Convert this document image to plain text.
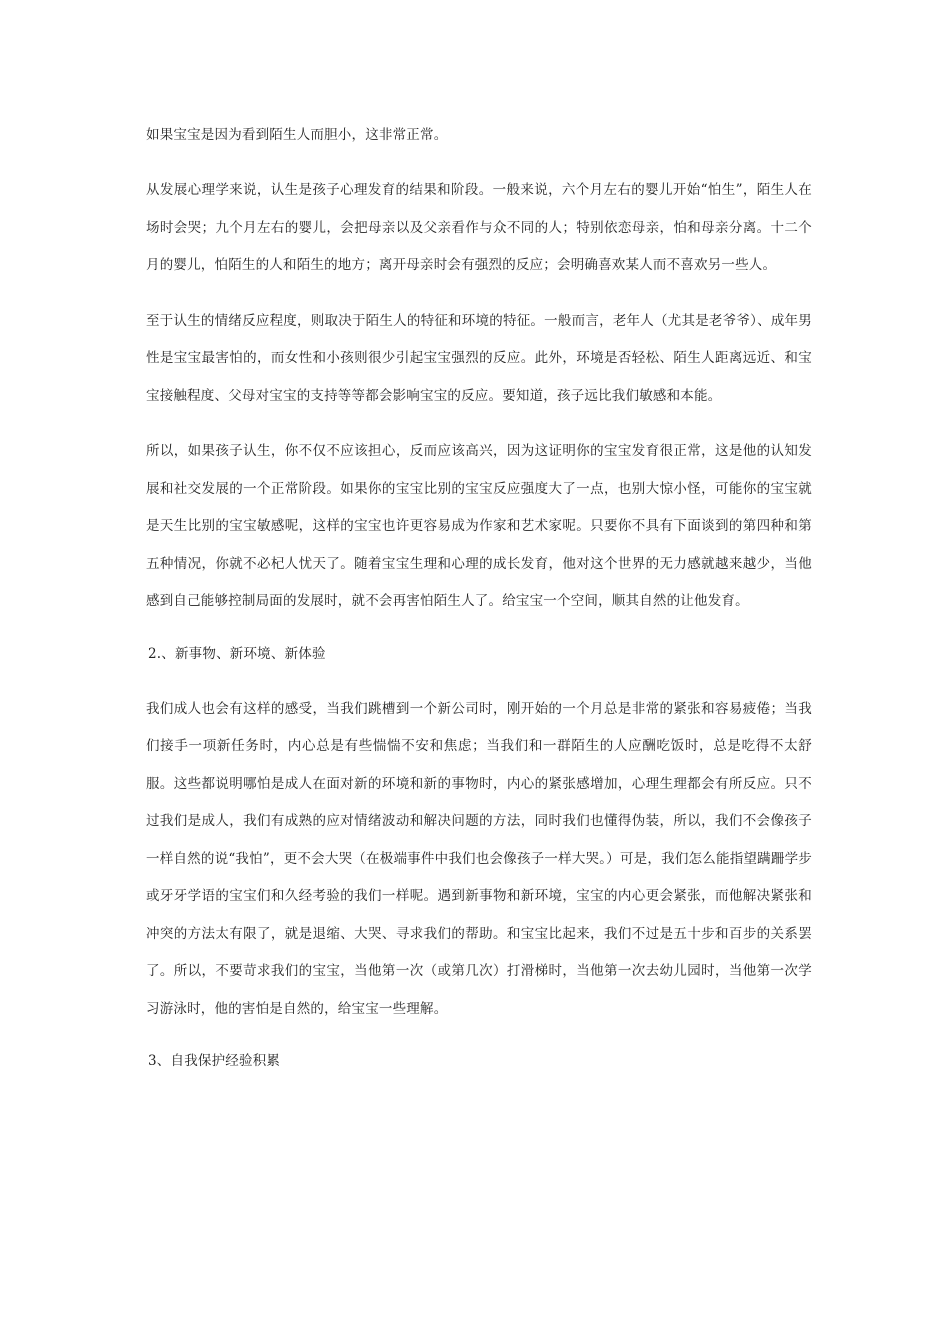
如果宝宝是因为看到陌生人而胆小，这非常正常。

从发展心理学来说，认生是孩子心理发育的结果和阶段。一般来说，六个月左右的婴儿开始“怕生”，陌生人在场时会哭；九个月左右的婴儿，会把母亲以及父亲看作与众不同的人；特别依恋母亲，怕和母亲分离。十二个月的婴儿，怕陌生的人和陌生的地方；离开母亲时会有强烈的反应；会明确喜欢某人而不喜欢另一些人。

至于认生的情绪反应程度，则取决于陌生人的特征和环境的特征。一般而言，老年人（尤其是老爷爷）、成年男性是宝宝最害怕的，而女性和小孩则很少引起宝宝强烈的反应。此外，环境是否轻松、陌生人距离远近、和宝宝接触程度、父母对宝宝的支持等等都会影响宝宝的反应。要知道，孩子远比我们敏感和本能。

所以，如果孩子认生，你不仅不应该担心，反而应该高兴，因为这证明你的宝宝发育很正常，这是他的认知发展和社交发展的一个正常阶段。如果你的宝宝比别的宝宝反应强度大了一点，也别大惊小怪，可能你的宝宝就是天生比别的宝宝敏感呢，这样的宝宝也许更容易成为作家和艺术家呢。只要你不具有下面谈到的第四种和第五种情况，你就不必杞人忧天了。随着宝宝生理和心理的成长发育，他对这个世界的无力感就越来越少，当他感到自己能够控制局面的发展时，就不会再害怕陌生人了。给宝宝一个空间，顺其自然的让他发育。

2.、新事物、新环境、新体验

我们成人也会有这样的感受，当我们跳槽到一个新公司时，刚开始的一个月总是非常的紧张和容易疲倦；当我们接手一项新任务时，内心总是有些惴惴不安和焦虑；当我们和一群陌生的人应酬吃饭时，总是吃得不太舒服。这些都说明哪怕是成人在面对新的环境和新的事物时，内心的紧张感增加，心理生理都会有所反应。只不过我们是成人，我们有成熟的应对情绪波动和解决问题的方法，同时我们也懂得伪装，所以，我们不会像孩子一样自然的说“我怕”，更不会大哭（在极端事件中我们也会像孩子一样大哭。）可是，我们怎么能指望蹒跚学步或牙牙学语的宝宝们和久经考验的我们一样呢。遇到新事物和新环境，宝宝的内心更会紧张，而他解决紧张和冲突的方法太有限了，就是退缩、大哭、寻求我们的帮助。和宝宝比起来，我们不过是五十步和百步的关系罢了。所以，不要苛求我们的宝宝，当他第一次（或第几次）打滑梯时，当他第一次去幼儿园时，当他第一次学习游泳时，他的害怕是自然的，给宝宝一些理解。

3、自我保护经验积累
